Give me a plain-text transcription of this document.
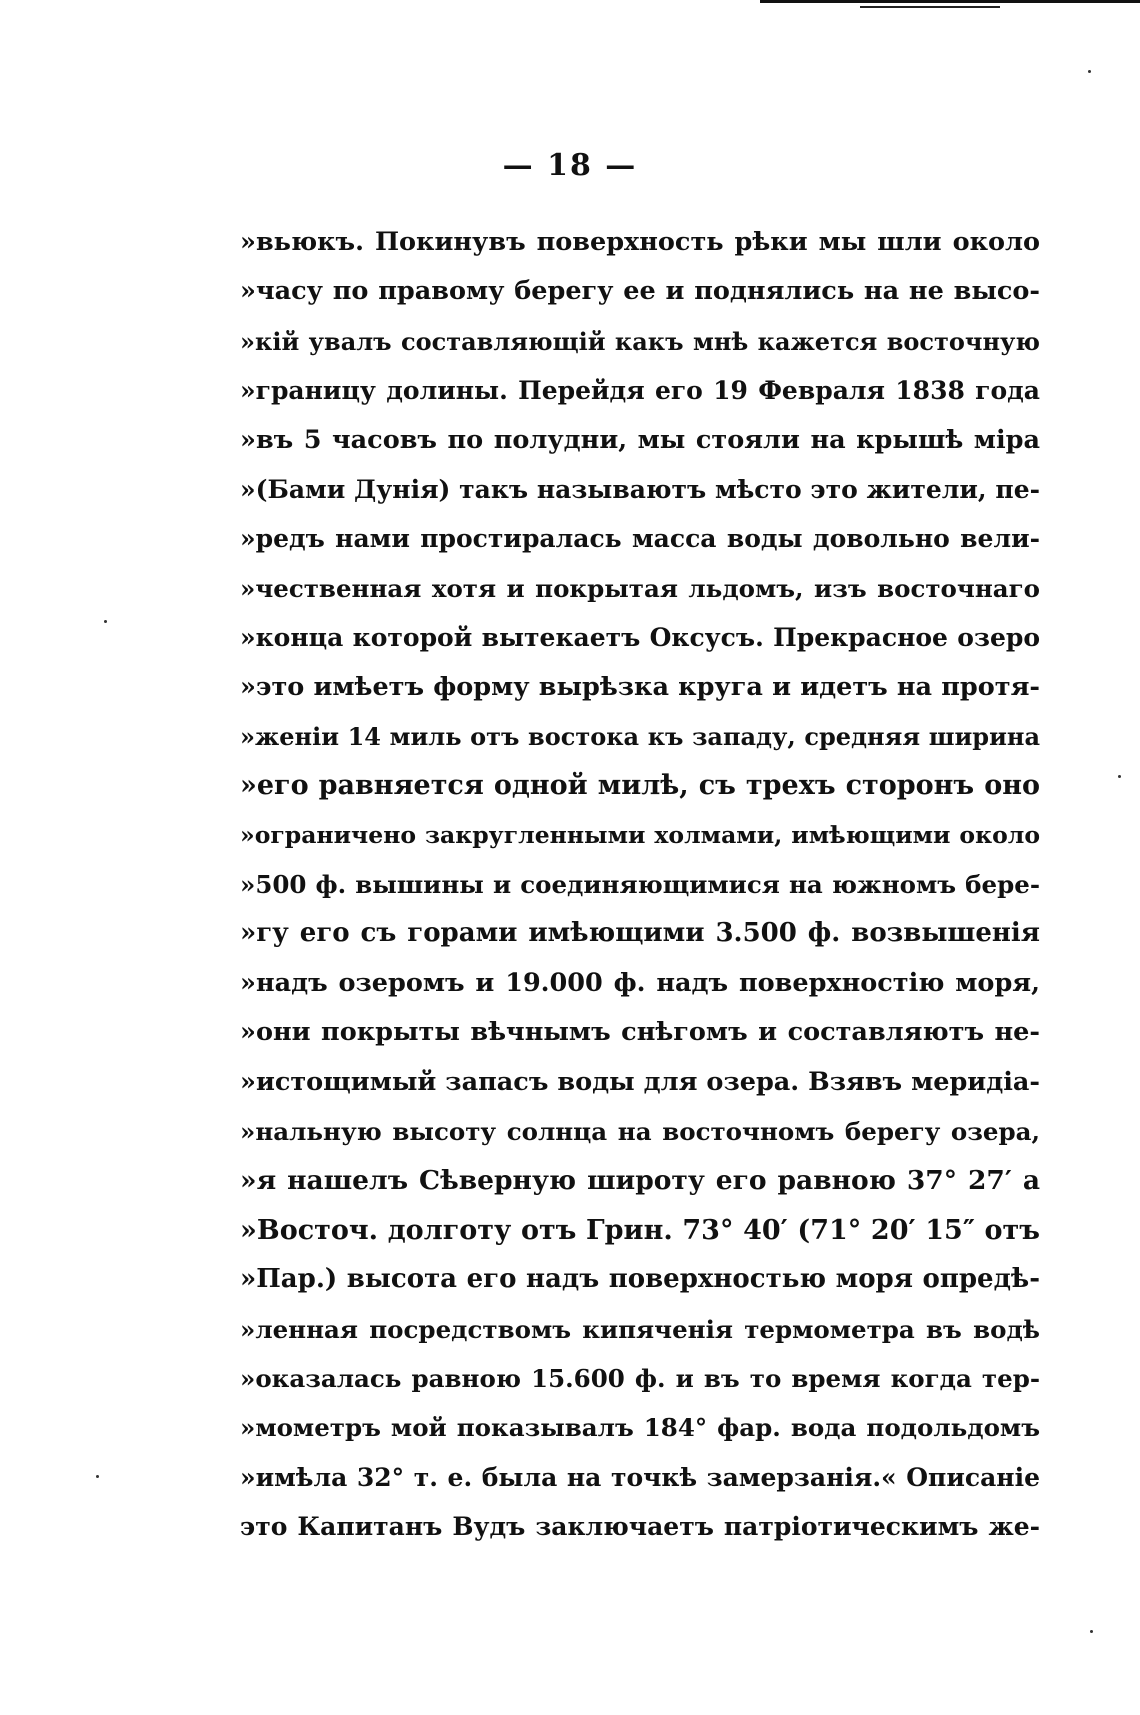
— 18 —
»вьюкъ. Покинувъ поверхность рѣки мы шли около
»часу по правому берегу ее и поднялись на не высо-
»кій увалъ составляющій какъ мнѣ кажется восточную
»границу долины. Перейдя его 19 Февраля 1838 года
»въ 5 часовъ по полудни, мы стояли на крышѣ міра
»(Бами Дунія) такъ называютъ мѣсто это жители, пе-
»редъ нами простиралась масса воды довольно вели-
»чественная хотя и покрытая льдомъ, изъ восточнаго
»конца которой вытекаетъ Оксусъ. Прекрасное озеро
»это имѣетъ форму вырѣзка круга и идетъ на протя-
»женіи 14 миль отъ востока къ западу, средняя ширина
»его равняется одной милѣ, съ трехъ сторонъ оно
»ограничено закругленными холмами, имѣющими около
»500 ф. вышины и соединяющимися на южномъ бере-
»гу его съ горами имѣющими 3.500 ф. возвышенія
»надъ озеромъ и 19.000 ф. надъ поверхностію моря,
»они покрыты вѣчнымъ снѣгомъ и составляютъ не-
»истощимый запасъ воды для озера. Взявъ меридіа-
»нальную высоту солнца на восточномъ берегу озера,
»я нашелъ Сѣверную широту его равною 37° 27′ а
»Восточ. долготу отъ Грин. 73° 40′ (71° 20′ 15″ отъ
»Пар.) высота его надъ поверхностью моря опредѣ-
»ленная посредствомъ кипяченія термометра въ водѣ
»оказалась равною 15.600 ф. и въ то время когда тер-
»мометръ мой показывалъ 184° фар. вода подольдомъ
»имѣла 32° т. е. была на точкѣ замерзанія.« Описаніе
это Капитанъ Вудъ заключаетъ патріотическимъ же-
